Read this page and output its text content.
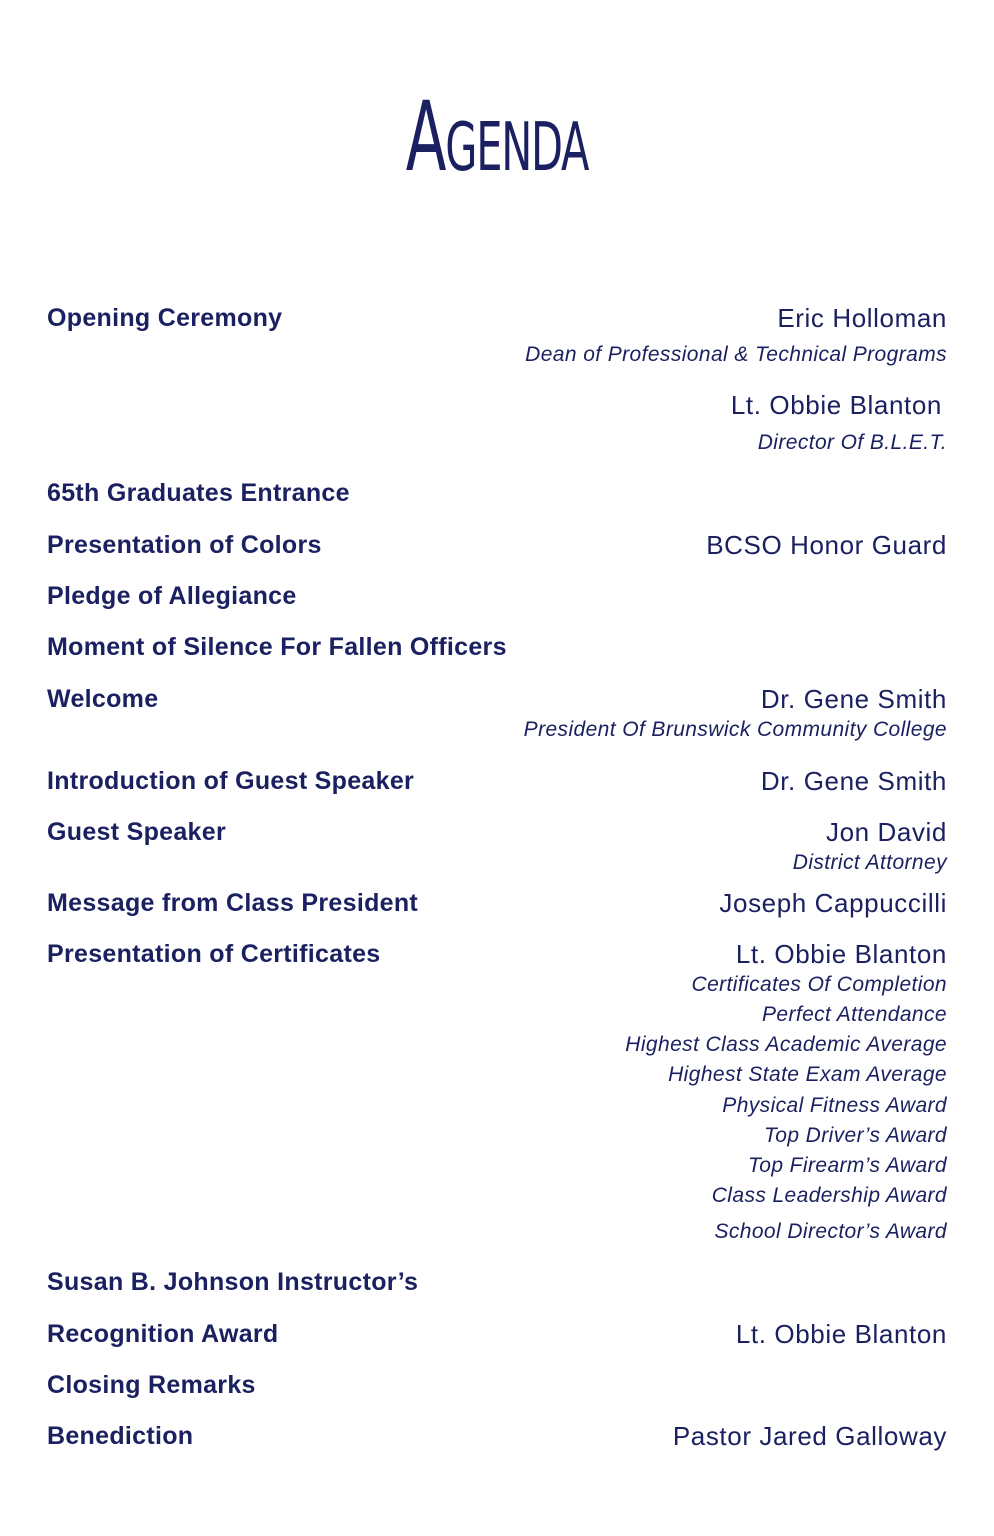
Agenda
Opening Ceremony	Eric Holloman
Dean of Professional & Technical Programs
Lt. Obbie Blanton
Director Of B.L.E.T.
65th Graduates Entrance
Presentation of Colors	BCSO Honor Guard
Pledge of Allegiance
Moment of Silence For Fallen Officers
Welcome	Dr. Gene Smith
President Of Brunswick Community College
Introduction of Guest Speaker	Dr. Gene Smith
Guest Speaker	Jon David
District Attorney
Message from Class President	Joseph Cappuccilli
Presentation of Certificates	Lt. Obbie Blanton
Certificates Of Completion
Perfect Attendance
Highest Class Academic Average
Highest State Exam Average
Physical Fitness Award
Top Driver’s Award
Top Firearm’s Award
Class Leadership Award
School Director’s Award
Susan B. Johnson Instructor’s
Recognition Award	Lt. Obbie Blanton
Closing Remarks
Benediction	Pastor Jared Galloway
